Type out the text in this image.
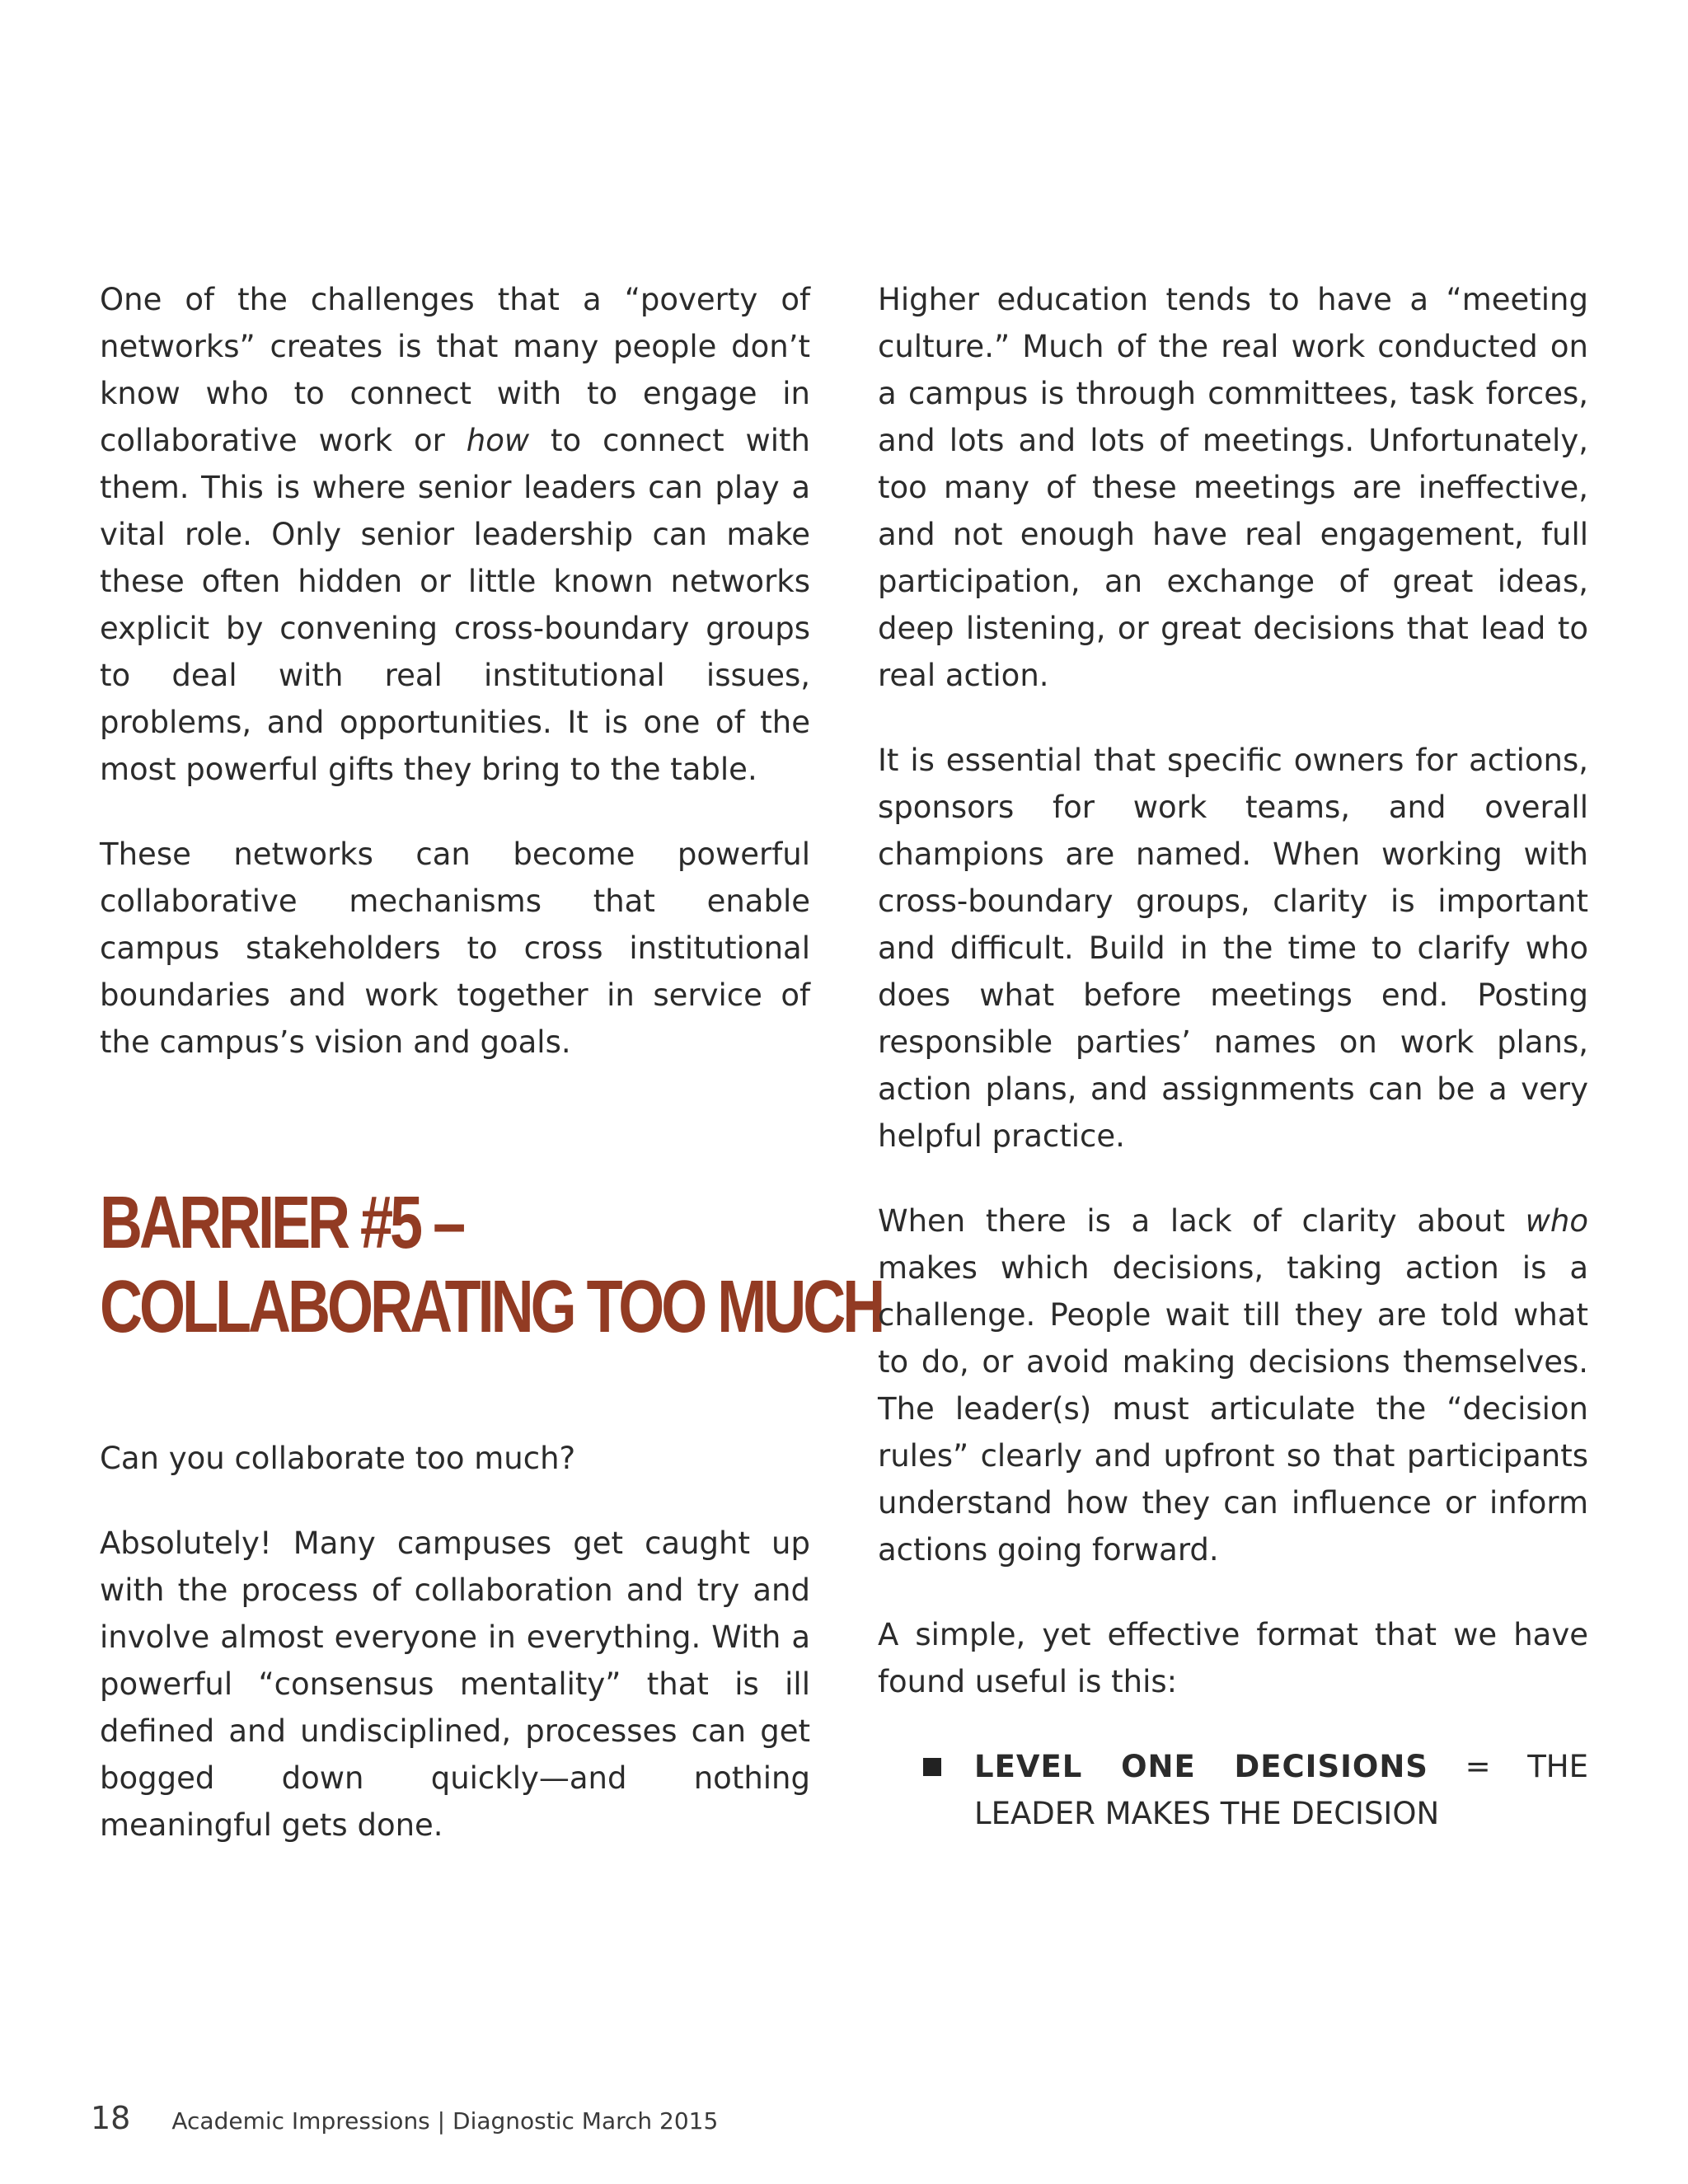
One of the challenges that a “poverty of networks” creates is that many people don’t know who to connect with to engage in collaborative work or how to connect with them. This is where senior leaders can play a vital role. Only senior leadership can make these often hidden or little known networks explicit by convening cross-boundary groups to deal with real institutional issues, problems, and opportunities. It is one of the most powerful gifts they bring to the table.

These networks can become powerful collaborative mechanisms that enable campus stakeholders to cross institutional boundaries and work together in service of the campus’s vision and goals.

BARRIER #5 –
COLLABORATING TOO MUCH

Can you collaborate too much?

Absolutely! Many campuses get caught up with the process of collaboration and try and involve almost everyone in everything. With a powerful “consensus mentality” that is ill defined and undisciplined, processes can get bogged down quickly—and nothing meaningful gets done.

Higher education tends to have a “meeting culture.” Much of the real work conducted on a campus is through committees, task forces, and lots and lots of meetings. Unfortunately, too many of these meetings are ineffective, and not enough have real engagement, full participation, an exchange of great ideas, deep listening, or great decisions that lead to real action.

It is essential that specific owners for actions, sponsors for work teams, and overall champions are named. When working with cross-boundary groups, clarity is important and difficult. Build in the time to clarify who does what before meetings end. Posting responsible parties’ names on work plans, action plans, and assignments can be a very helpful practice.

When there is a lack of clarity about who makes which decisions, taking action is a challenge. People wait till they are told what to do, or avoid making decisions themselves. The leader(s) must articulate the “decision rules” clearly and upfront so that participants understand how they can influence or inform actions going forward.

A simple, yet effective format that we have found useful is this:

LEVEL ONE DECISIONS = THE LEADER MAKES THE DECISION
18 Academic Impressions | Diagnostic March 2015
